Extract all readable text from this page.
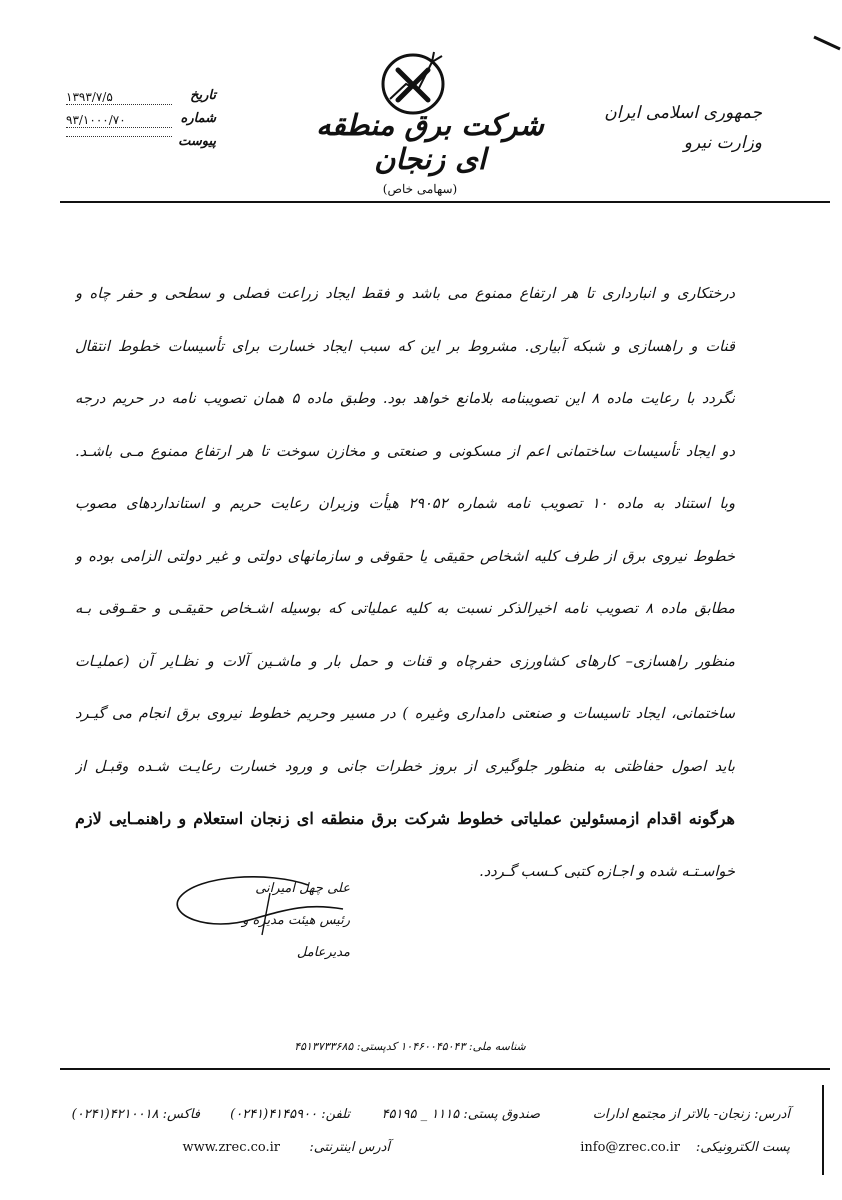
جمهوری اسلامی ایران
وزارت نیرو
شرکت برق منطقه ای زنجان
(سهامی خاص)
تاریخ
۱۳۹۳/۷/۵
شماره
۹۳/۱۰۰۰/۷۰
پیوست
درختکاری و انبارداری تا هر ارتفاع ممنوع می باشد و فقط ایجاد زراعت فصلی و سطحی و حفر چاه و
قنات و راهسازی و شبکه آبیاری. مشروط بر این که سبب ایجاد خسارت برای تأسیسات خطوط انتقال
نگردد با رعایت ماده ۸ این تصویبنامه بلامانع خواهد بود. وطبق ماده ۵ همان تصویب نامه در حریم درجه
دو ایجاد تأسیسات ساختمانی اعم از مسکونی و صنعتی و مخازن سوخت تا هر ارتفاع ممنوع مـی باشـد.
وبا استناد به ماده ۱۰ تصویب نامه شماره ۲۹۰۵۲ هیأت وزیران رعایت حریم و استانداردهای مصوب
خطوط نیروی برق از طرف کلیه اشخاص حقیقی یا حقوقی و سازمانهای دولتی و غیر دولتی الزامی بوده و
مطابق ماده ۸ تصویب نامه اخیرالذکر نسبت به کلیه عملیاتی که بوسیله اشـخاص حقیقـی و حقـوقی بـه
منظور راهسازی– کارهای کشاورزی حفرچاه و قنات و حمل بار و ماشـین آلات و نظـایر آن (عملیـات
ساختمانی، ایجاد تاسیسات و صنعتی دامداری وغیره ) در مسیر وحریم خطوط نیروی برق انجام می گیـرد
باید اصول حفاظتی به منظور جلوگیری از بروز خطرات جانی و ورود خسارت رعایـت شـده وقبـل از
هرگونه اقدام ازمسئولین عملیاتی خطوط شرکت برق منطقه ای زنجان استعلام و راهنمـایی لازم
خواسـتـه شده و اجـازه کتبی کـسب گـردد.
علی چهل امیرانی
رئیس هیئت مدیره و مدیرعامل
شناسه ملی: ۱۰۴۶۰۰۴۵۰۴۳ کدپستی: ۴۵۱۳۷۳۳۶۸۵
آدرس: زنجان- بالاتر از مجتمع ادارات
صندوق پستی: ۱۱۱۵ _ ۴۵۱۹۵
تلفن: ۴۱۴۵۹۰۰(۰۲۴۱)
فاکس: ۴۲۱۰۰۱۸(۰۲۴۱)
پست الکترونیکی:
info@zrec.co.ir
آدرس اینترنتی:
www.zrec.co.ir
